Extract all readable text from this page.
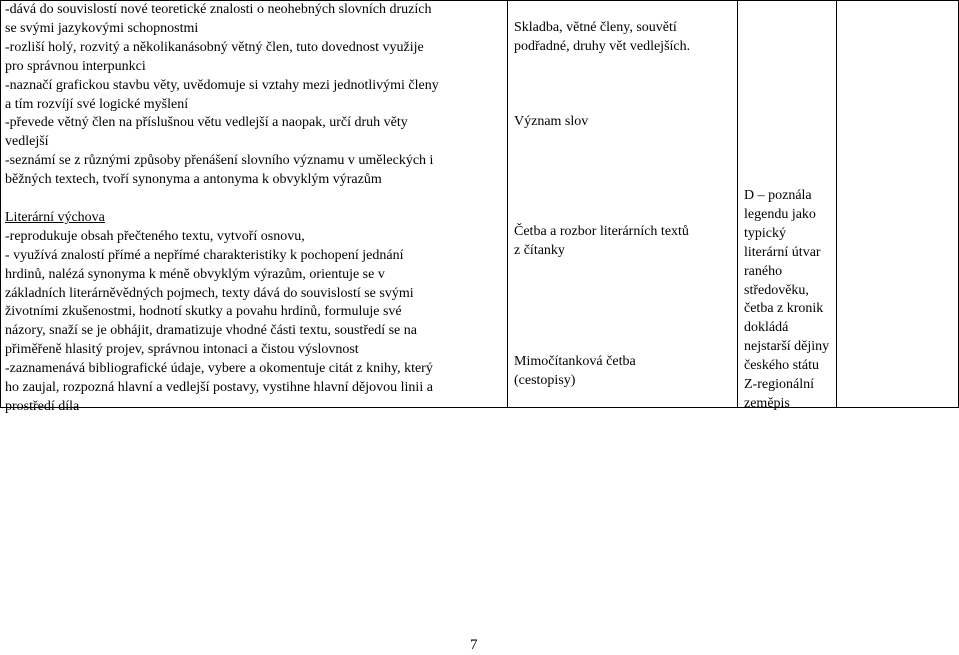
-dává do souvislostí nové teoretické znalosti o neohebných slovních druzích
se svými jazykovými schopnostmi
-rozliší holý, rozvitý a několikanásobný větný člen, tuto dovednost využije
pro správnou interpunkci
-naznačí grafickou stavbu věty, uvědomuje si vztahy mezi jednotlivými členy
a tím rozvíjí své logické myšlení
-převede větný člen na příslušnou větu vedlejší a naopak, určí druh věty
vedlejší
-seznámí se z různými způsoby přenášení slovního významu v uměleckých i
běžných textech, tvoří synonyma a antonyma k obvyklým výrazům
Literární výchova
-reprodukuje obsah přečteného textu, vytvoří osnovu,
- využívá znalostí přímé a nepřímé charakteristiky k pochopení jednání
hrdinů, nalézá synonyma k méně obvyklým výrazům, orientuje se v
základních literárněvědných pojmech, texty dává do souvislostí se svými
životními zkušenostmi, hodnotí skutky a povahu hrdinů, formuluje své
názory, snaží se je obhájit, dramatizuje vhodné části textu, soustředí se na
přiměřeně hlasitý projev, správnou intonaci a čistou výslovnost
-zaznamenává bibliografické údaje, vybere a okomentuje citát z knihy, který
ho zaujal, rozpozná hlavní a vedlejší postavy, vystihne hlavní dějovou linii a
prostředí díla

Skladba, větné členy, souvětí
podřadné, druhy vět vedlejších.
Význam slov
Četba a rozbor literárních textů
z čítanky
Mimočítanková četba
(cestopisy)

D – poznála
legendu jako
typický
literární útvar
raného
středověku,
četba z kronik
dokládá
nejstarší dějiny
českého státu
Z-regionální
zeměpis

7
